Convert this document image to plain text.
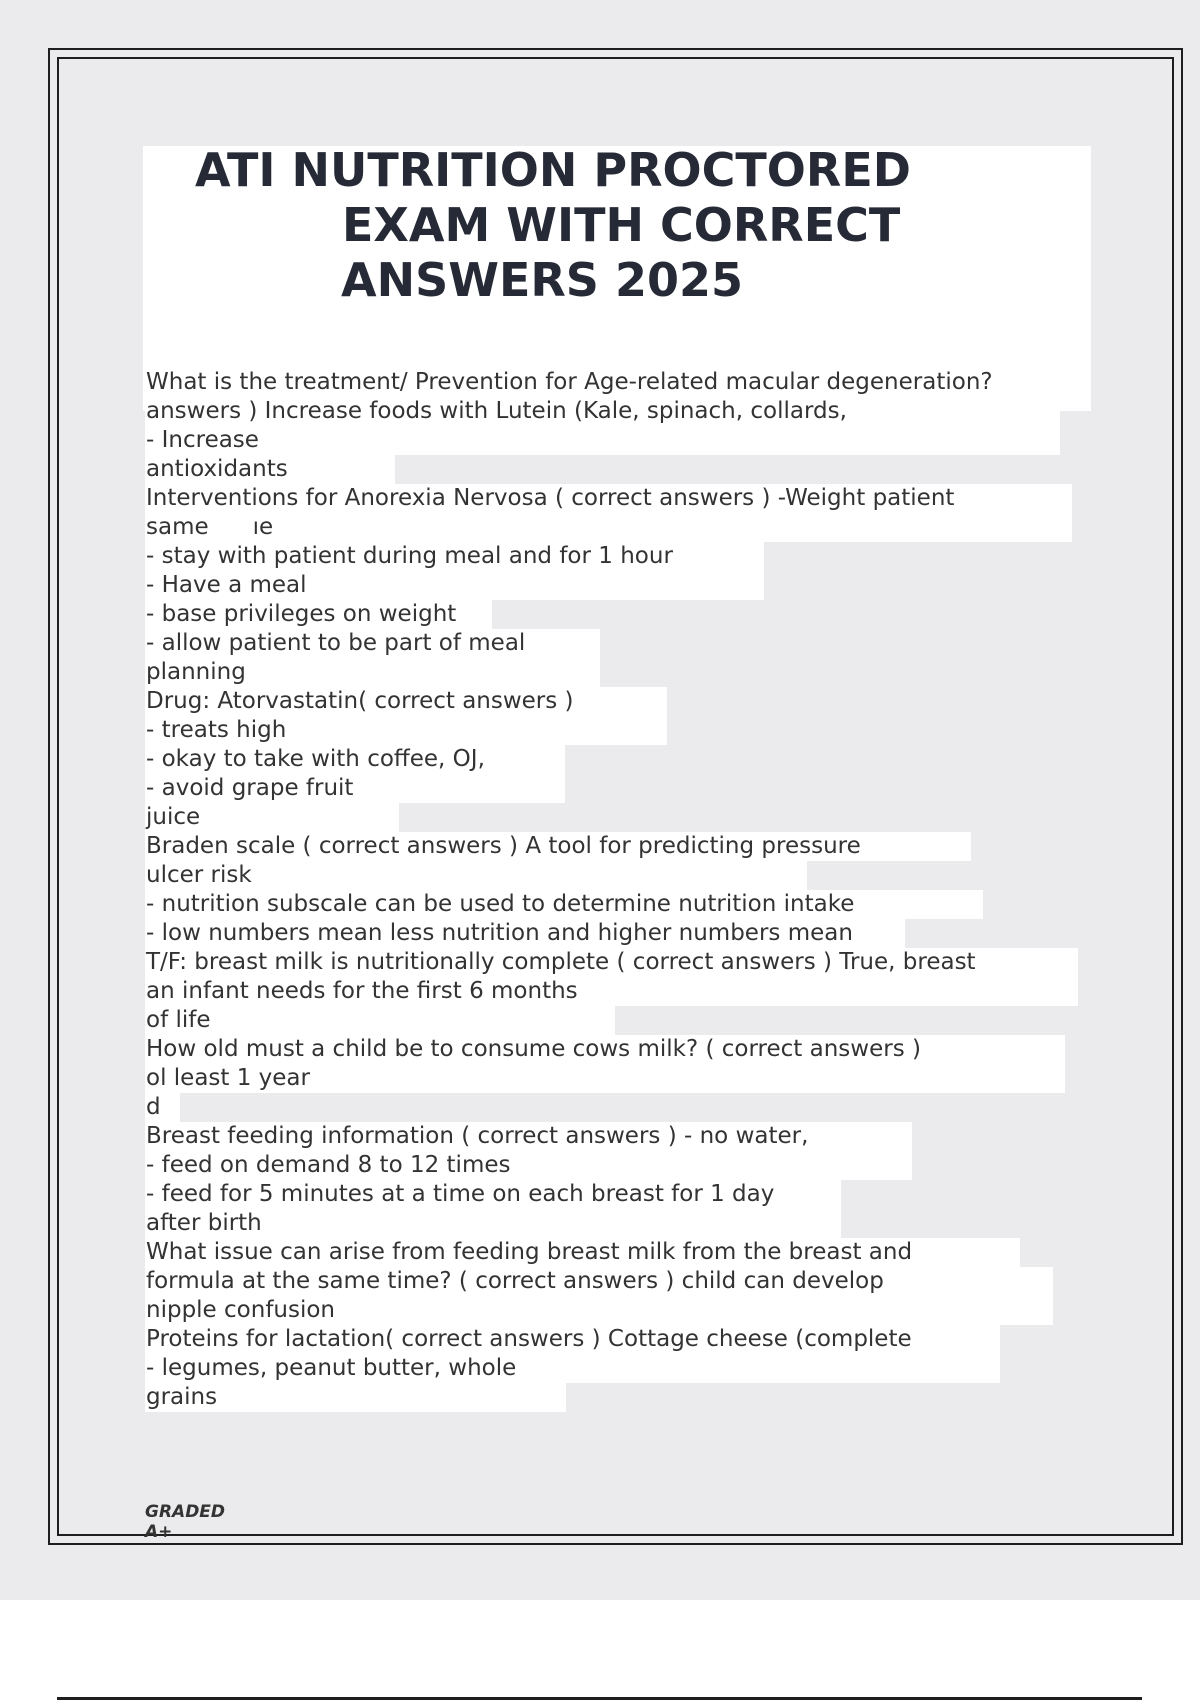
ATI NUTRITION PROCTORED
EXAM WITH CORRECT
ANSWERS 2025
What is the treatment/ Prevention for Age-related macular degeneration?
answers ) Increase foods with Lutein (Kale, spinach, collards,
- Increase
antioxidants
Interventions for Anorexia Nervosa ( correct answers ) -Weight patient
same ıe
- stay with patient during meal and for 1 hour
- Have a meal
- base privileges on weight
- allow patient to be part of meal
planning
Drug: Atorvastatin( correct answers )
- treats high
- okay to take with coffee, OJ,
- avoid grape fruit
juice
Braden scale ( correct answers ) A tool for predicting pressure
ulcer risk
- nutrition subscale can be used to determine nutrition intake
- low numbers mean less nutrition and higher numbers mean
T/F: breast milk is nutritionally complete ( correct answers ) True, breast
an infant needs for the first 6 months
of life
How old must a child be to consume cows milk? ( correct answers )
ol least 1 year
d
Breast feeding information ( correct answers ) - no water,
- feed on demand 8 to 12 times
- feed for 5 minutes at a time on each breast for 1 day
after birth
What issue can arise from feeding breast milk from the breast and
formula at the same time? ( correct answers ) child can develop
nipple confusion
Proteins for lactation( correct answers ) Cottage cheese (complete
- legumes, peanut butter, whole
grains
GRADED
A+
